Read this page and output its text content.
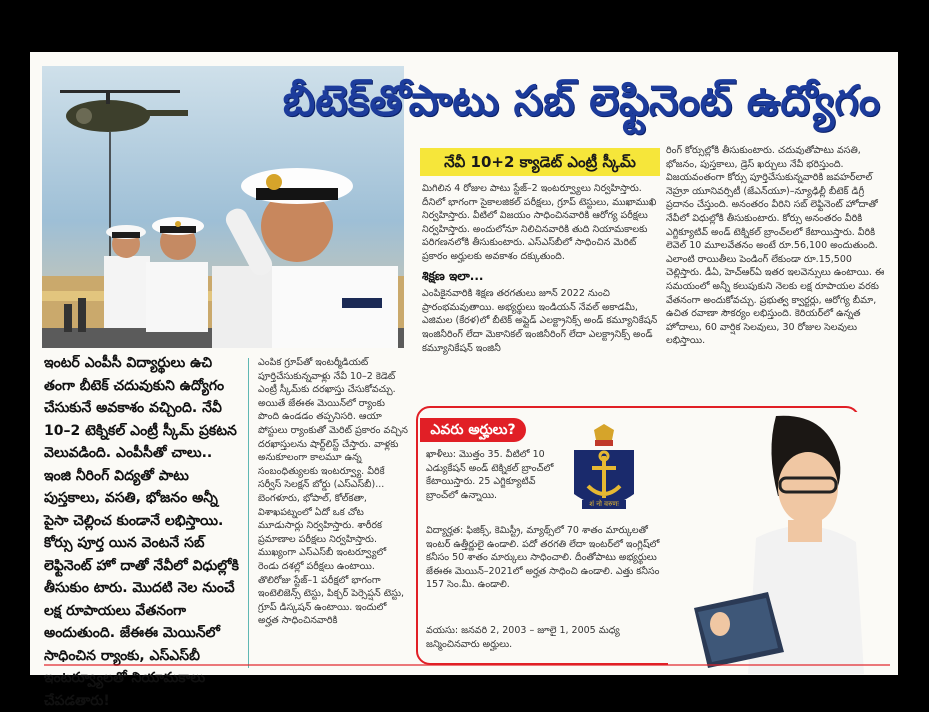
బీటెక్‌తోపాటు సబ్ లెఫ్టినెంట్ ఉద్యోగం
నేవీ 10+2 క్యాడెట్ ఎంట్రీ స్కీమ్

మిగిలిన 4 రోజుల పాటు స్టేజ్–2 ఇంటర్వ్యూలు నిర్వహిస్తారు. దీనిలో భాగంగా సైకాలజికల్ పరీక్షలు, గ్రూప్ టెస్టులు, ముఖాముఖి నిర్వహిస్తారు. వీటిలో విజయం సాధించినవారికి ఆరోగ్య పరీక్షలు నిర్వహిస్తారు. అందులోనూ నిలిచినవారికి తుది నియామకాలకు పరిగణనలోకి తీసుకుంటారు. ఎస్ఎస్‌బీలో సాధించిన మెరిట్ ప్రకారం అర్హులకు అవకాశం దక్కుతుంది.

శిక్షణ ఇలా...

ఎంపికైనవారికి శిక్షణ తరగతులు జూన్ 2022 నుంచి ప్రారంభమవుతాయి. అభ్యర్థులు ఇండియన్ నేవల్ అకాడమీ, ఎజిమల (కేరళ)లో బీటెక్ అప్లైడ్ ఎలక్ట్రానిక్స్ అండ్ కమ్యూనికేషన్ ఇంజినీరింగ్ లేదా మెకానికల్ ఇంజినీరింగ్ లేదా ఎలక్ట్రానిక్స్ అండ్ కమ్యూనికేషన్ ఇంజినీ

రింగ్ కోర్సుల్లోకి తీసుకుంటారు. చదువుతోపాటు వసతి, భోజనం, పుస్తకాలు, డ్రెస్ ఖర్చులు నేవీ భరిస్తుంది. విజయవంతంగా కోర్సు పూర్తిచేసుకున్నవారికి జవహర్‌లాల్ నెహ్రూ యూనివర్సిటీ (జేఎన్‌యూ)–న్యూఢిల్లీ బీటెక్ డిగ్రీ ప్రదానం చేస్తుంది. అనంతరం వీరిని సబ్ లెఫ్టినెంట్ హోదాతో నేవీలో విధుల్లోకి తీసుకుంటారు. కోర్సు అనంతరం వీరికి ఎగ్జిక్యూటివ్ అండ్ టెక్నికల్ బ్రాంచ్‌లలో కేటాయిస్తారు. వీరికి లెవెల్ 10 మూలవేతనం అంటే రూ.56,100 అందుతుంది. ఎలాంటి రాయితీలు పెండింగ్ లేకుండా రూ.15,500 చెల్లిస్తారు. డీఏ, హెచ్ఆర్ఏ ఇతర ఇలవెన్సులు ఉంటాయి. ఈ సమయంలో అన్నీ కలుపుకుని నెలకు లక్ష రూపాయల వరకు వేతనంగా అందుకోవచ్చు. ప్రభుత్వ క్వార్టర్లు, ఆరోగ్య బీమా, ఉచిత రవాణా సౌకర్యం లభిస్తుంది. కెరియర్‌లో ఉన్నత హోదాలు, 60 వార్షిక సెలవులు, 30 రోజుల సెలవులు లభిస్తాయి.

ఇంటర్ ఎంపీసీ విద్యార్థులు ఉచి తంగా బీటెక్ చదువుకుని ఉద్యోగం చేసుకునే అవకాశం వచ్చింది. నేవీ 10–2 టెక్నికల్ ఎంట్రీ స్కీమ్ ప్రకటన వెలువడింది. ఎంపీసీతో చాలు.. ఇంజి నీరింగ్ విద్యతో పాటు పుస్తకాలు, వసతి, భోజనం అన్నీ పైసా చెల్లించ కుండానే లభిస్తాయి. కోర్సు పూర్త యిన వెంటనే సబ్ లెఫ్టినెంట్ హో దాతో నేవీలో విధుల్లోకి తీసుకుం టారు. మొదటి నెల నుంచే లక్ష రూపాయలు వేతనంగా అందుతుంది. జేఈఈ మెయిన్‌లో సాధించిన ర్యాంకు, ఎస్ఎస్‌బీ ఇంటర్వ్యూలతో నియామకాలు చేపడతారు!

ఎంపిక గ్రూప్‌తో ఇంటర్మీడియట్ పూర్తిచేసుకున్నవాళ్లు నేవీ 10–2 కెడెట్ ఎంట్రీ స్కీమ్‌కు దరఖాస్తు చేసుకోవచ్చు. అయితే జేఈఈ మెయిన్‌లో ర్యాంకు పొంది ఉండడం తప్పనిసరి. ఆయా పోస్టులు ర్యాంకుతో మెరిట్ ప్రకారం వచ్చిన దరఖాస్తులను షార్ట్‌లిస్ట్ చేస్తారు. వాళ్లకు అనుకూలంగా కాలమూ ఉన్న సంబంధిత్యులకు ఇంటర్వ్యూ. వీరికే సర్వీస్ సెలక్షన్ బోర్డు (ఎస్ఎస్‌బీ)... బెంగళూరు, భోపాల్, కోల్‌కతా, విశాఖపట్నంలో ఏదో ఒక చోట మూడుసార్లు నిర్వహిస్తారు. శారీరక ప్రమాణాల పరీక్షలు నిర్వహిస్తారు. ముఖ్యంగా ఎస్ఎస్‌బీ ఇంటర్వ్యూలో రెండు దశల్లో పరీక్షలు ఉంటాయి. తొలిరోజు స్టేజ్–1 పరీక్షలో భాగంగా ఇంటెలిజెన్స్ టెస్టు, పిక్చర్ పెర్సెప్షన్ టెస్టు, గ్రూప్ డిస్కషన్ ఉంటాయి. ఇందులో అర్హత సాధించినవారికి

ఎవరు అర్హులు?

ఖాళీలు: మొత్తం 35. వీటిలో 10 ఎడ్యుకేషన్ అండ్ టెక్నికల్ బ్రాంచ్‌లో కేటాయిస్తారు. 25 ఎగ్జిక్యూటివ్ బ్రాంచ్‌లో ఉన్నాయి.

शं नो वरुणः

విద్యార్హత: ఫిజిక్స్, కెమిస్ట్రీ, మ్యాథ్స్‌లో 70 శాతం మార్కులతో ఇంటర్ ఉత్తీర్ణులై ఉండాలి. పదో తరగతి లేదా ఇంటర్‌లో ఇంగ్లిష్‌లో కనీసం 50 శాతం మార్కులు సాధించాలి. దీంతోపాటు అభ్యర్థులు జేఈఈ మెయిన్–2021లో అర్హత సాధించి ఉండాలి. ఎత్తు కనీసం 157 సెం.మీ. ఉండాలి.

వయసు: జనవరి 2, 2003 – జూలై 1, 2005 మధ్య జన్మించినవారు అర్హులు.
